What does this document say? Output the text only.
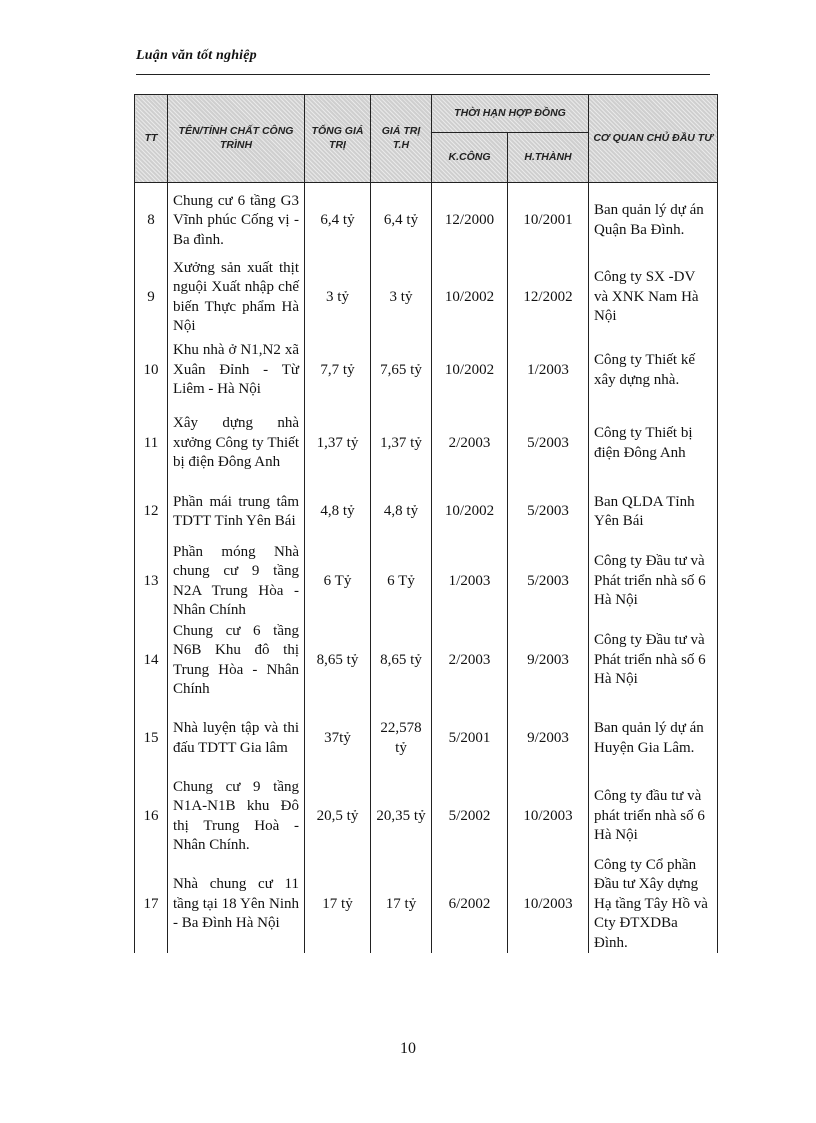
Luận văn tốt nghiệp
TT	TÊN/TÍNH CHẤT CÔNG TRÌNH	TỔNG GIÁ TRỊ	GIÁ TRỊ T.H	THỜI HẠN HỢP ĐỒNG		CƠ QUAN CHỦ ĐẦU TƯ
				K.CÔNG	H.THÀNH	
8	Chung cư 6 tầng G3 Vĩnh phúc Cống vị - Ba đình.	6,4 tỷ	6,4 tỷ	12/2000	10/2001	Ban quản lý dự án Quận Ba Đình.
9	Xưởng sản xuất thịt nguội Xuất nhập chế biến Thực phẩm Hà Nội	3 tỷ	3 tỷ	10/2002	12/2002	Công ty SX -DV và XNK Nam Hà Nội
10	Khu nhà ở N1,N2 xã Xuân Đỉnh - Từ Liêm - Hà Nội	7,7 tỷ	7,65 tỷ	10/2002	1/2003	Công ty Thiết kế xây dựng nhà.
11	Xây dựng nhà xưởng Công ty Thiết bị điện Đông Anh	1,37 tỷ	1,37 tỷ	2/2003	5/2003	Công ty Thiết bị điện Đông Anh
12	Phần mái trung tâm TDTT Tỉnh Yên Bái	4,8 tỷ	4,8 tỷ	10/2002	5/2003	Ban QLDA Tỉnh Yên Bái
13	Phần móng Nhà chung cư 9 tầng N2A Trung Hòa - Nhân Chính	6 Tỷ	6 Tỷ	1/2003	5/2003	Công ty Đầu tư và Phát triển nhà số 6 Hà Nội
14	Chung cư 6 tầng N6B Khu đô thị Trung Hòa - Nhân Chính	8,65 tỷ	8,65 tỷ	2/2003	9/2003	Công ty Đầu tư và Phát triển nhà số 6 Hà Nội
15	Nhà luyện tập và thi đấu TDTT Gia lâm	37tỷ	22,578 tỷ	5/2001	9/2003	Ban quản lý dự án Huyện Gia Lâm.
16	Chung cư 9 tầng N1A-N1B khu Đô thị Trung Hoà - Nhân Chính.	20,5 tỷ	20,35 tỷ	5/2002	10/2003	Công ty đầu tư và phát triển nhà số 6 Hà Nội
17	Nhà chung cư 11 tầng tại 18 Yên Ninh - Ba Đình Hà Nội	17 tỷ	17 tỷ	6/2002	10/2003	Công ty Cổ phần Đầu tư Xây dựng Hạ tầng Tây Hồ và Cty ĐTXDBa Đình.
10
